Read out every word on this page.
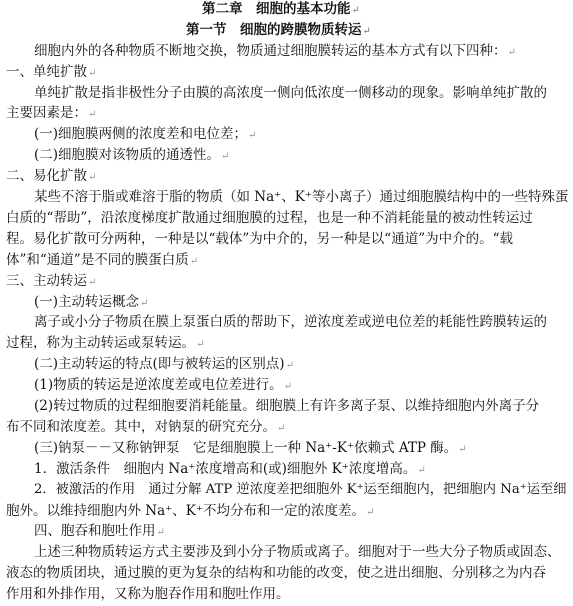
第二章　细胞的基本功能↵
第一节　细胞的跨膜物质转运↵
细胞内外的各种物质不断地交换，物质通过细胞膜转运的基本方式有以下四种：↵
一、单纯扩散↵
单纯扩散是指非极性分子由膜的高浓度一侧向低浓度一侧移动的现象。影响单纯扩散的
主要因素是：↵
(一)细胞膜两侧的浓度差和电位差；↵
(二)细胞膜对该物质的通透性。↵
二、易化扩散↵
某些不溶于脂或难溶于脂的物质（如 Na⁺、K⁺等小离子）通过细胞膜结构中的一些特殊蛋
白质的“帮助”，沿浓度梯度扩散通过细胞膜的过程，也是一种不消耗能量的被动性转运过
程。易化扩散可分两种，一种是以“载体”为中介的，另一种是以“通道”为中介的。“载
体”和“通道”是不同的膜蛋白质↵
三、主动转运↵
(一)主动转运概念↵
离子或小分子物质在膜上泵蛋白质的帮助下，逆浓度差或逆电位差的耗能性跨膜转运的
过程，称为主动转运或泵转运。↵
(二)主动转运的特点(即与被转运的区别点)↵
(1)物质的转运是逆浓度差或电位差进行。↵
(2)转过物质的过程细胞要消耗能量。细胞膜上有许多离子泵、以维持细胞内外离子分
布不同和浓度差。其中，对钠泵的研究充分。↵
(三)钠泵－－又称钠钾泵　它是细胞膜上一种 Na⁺-K⁺依赖式 ATP 酶。↵
1．激活条件　细胞内 Na⁺浓度增高和(或)细胞外 K⁺浓度增高。↵
2．被激活的作用　通过分解 ATP 逆浓度差把细胞外 K⁺运至细胞内，把细胞内 Na⁺运至细
胞外。以维持细胞内外 Na⁺、K⁺不均分布和一定的浓度差。↵
四、胞吞和胞吐作用↵
上述三种物质转运方式主要涉及到小分子物质或离子。细胞对于一些大分子物质或固态、
液态的物质团块，通过膜的更为复杂的结构和功能的改变，使之进出细胞、分别移之为内吞
作用和外排作用，又称为胞吞作用和胞吐作用。
